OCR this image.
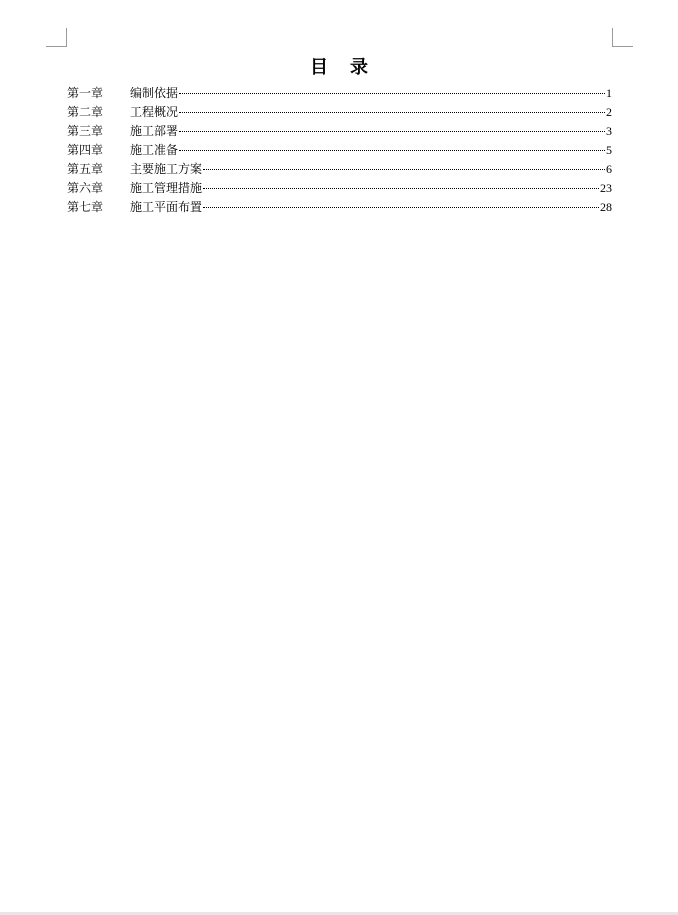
目 录
第一章	编制依据	1
第二章	工程概况	2
第三章	施工部署	3
第四章	施工准备	5
第五章	主要施工方案	6
第六章	施工管理措施	23
第七章	施工平面布置	28
